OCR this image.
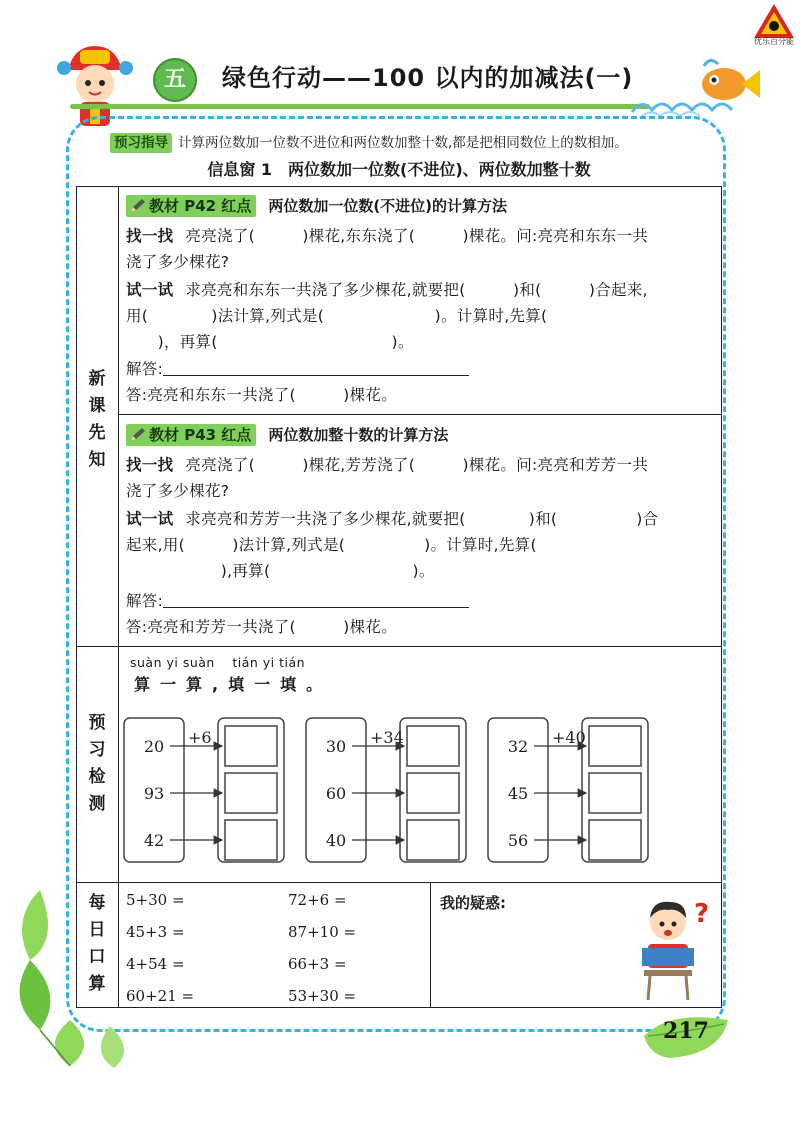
优乐百分能
五	绿色行动——100 以内的加减法(一)
预习指导 计算两位数加一位数不进位和两位数加整十数,都是把相同数位上的数相加。
信息窗 1　两位数加一位数(不进位)、两位数加整十数
新
课
先
知
预
习
检
测
每
日
口
算
教材 P42 红点 两位数加一位数(不进位)的计算方法
找一找 亮亮浇了(　　　)棵花,东东浇了(　　　)棵花。问:亮亮和东东一共
浇了多少棵花?
试一试 求亮亮和东东一共浇了多少棵花,就要把(　　　)和(　　　)合起来,
用(　　　　)法计算,列式是(　　　　　　　)。计算时,先算(　　　　
　　)，再算(　　　　　　　　　　　)。
解答:
答:亮亮和东东一共浇了(　　　)棵花。
教材 P43 红点 两位数加整十数的计算方法
找一找 亮亮浇了(　　　)棵花,芳芳浇了(　　　)棵花。问:亮亮和芳芳一共
浇了多少棵花?
试一试 求亮亮和芳芳一共浇了多少棵花,就要把(　　　　)和(　　　　　)合
起来,用(　　　)法计算,列式是(　　　　　)。计算时,先算(
　　　　　　),再算(　　　　　　　　　)。
解答:
答:亮亮和芳芳一共浇了(　　　)棵花。
suàn yi suàn　 tián yi tián
算一算,填一填。
+6
20
93
42
+34
30
60
40
+40
32
45
56
5+30 =
45+3 =
4+54 =
60+21 =
72+6 =
87+10 =
66+3 =
53+30 =
我的疑惑:	?
217
